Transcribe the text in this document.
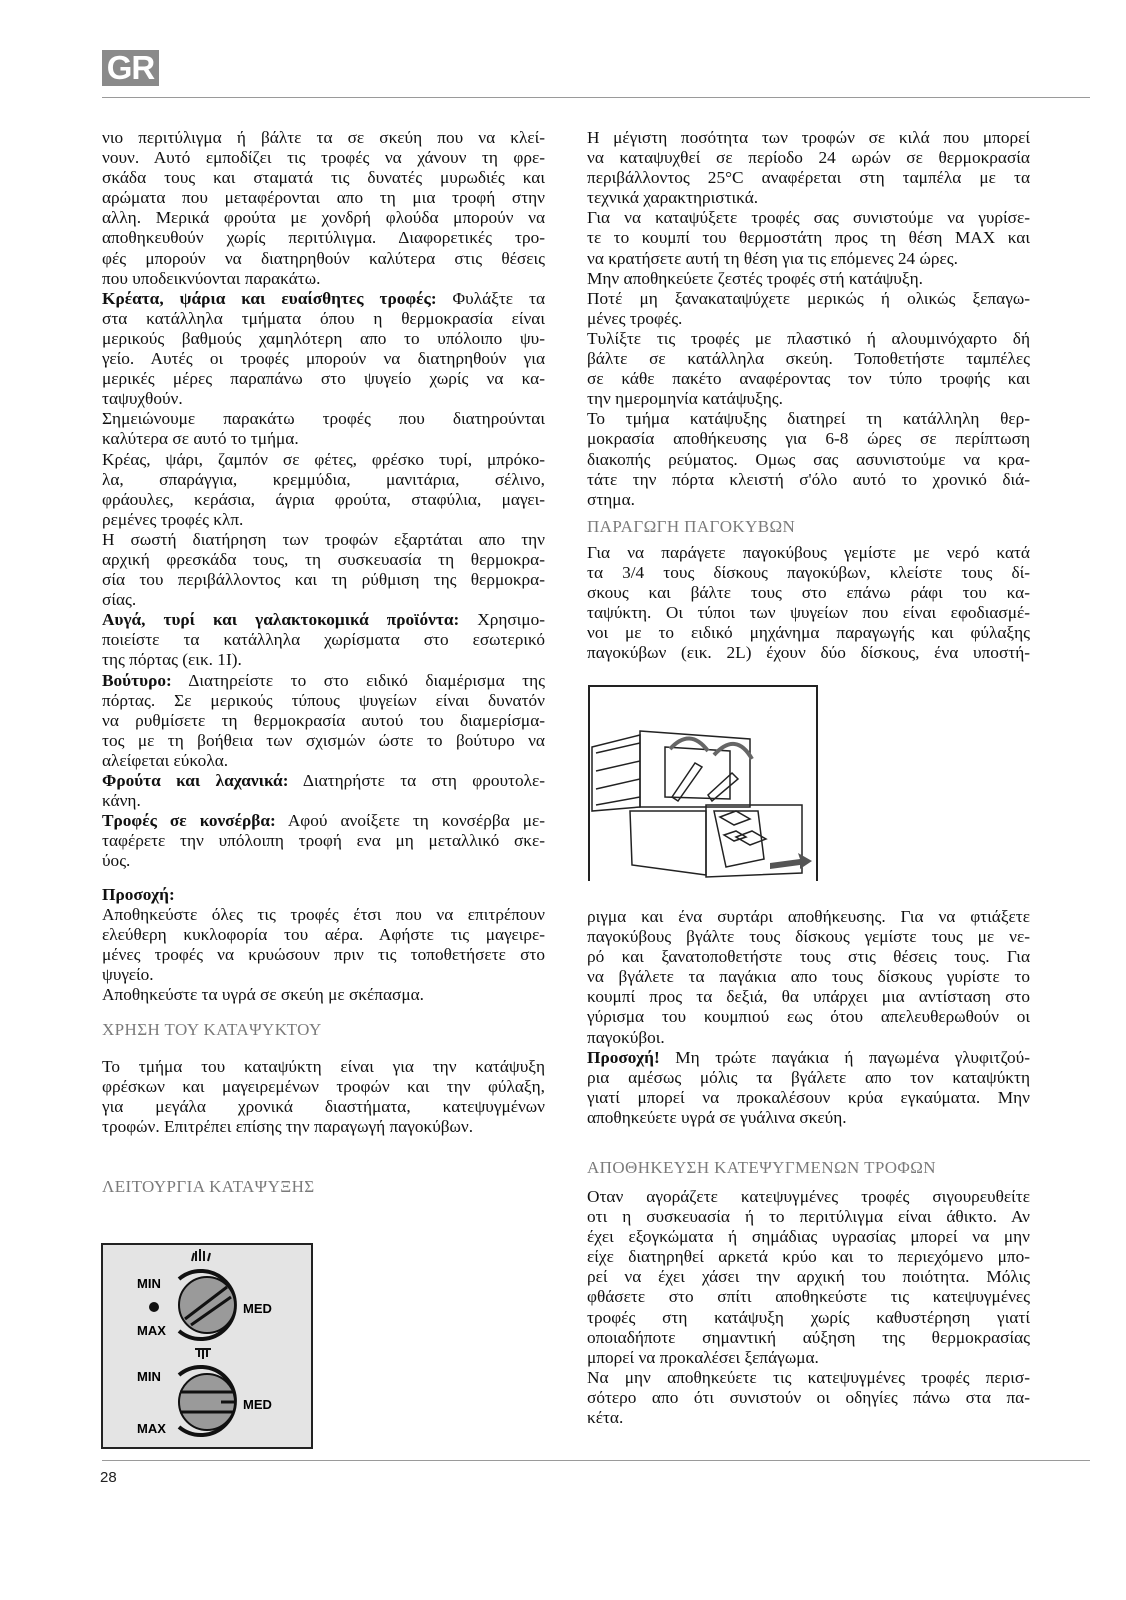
GR
νιο περιτύλιγμα ή βάλτε τα σε σκεύη που να κλεί-
νουν. Αυτό εμποδίζει τις τροφές να χάνουν τη φρε-
σκάδα τους και σταματά τις δυνατές μυρωδιές και
αρώματα που μεταφέρονται απο τη μια τροφή στην
αλλη. Μερικά φρούτα με χονδρή φλούδα μπορούν να
αποθηκευθούν χωρίς περιτύλιγμα. Διαφορετικές τρο-
φές μπορούν να διατηρηθούν καλύτερα στις θέσεις
που υποδεικνύονται παρακάτω.
Κρέατα, ψάρια και ευαίσθητες τροφές: Φυλάξτε τα
στα κατάλληλα τμήματα όπου η θερμοκρασία είναι
μερικούς βαθμούς χαμηλότερη απο το υπόλοιπο ψυ-
γείο. Αυτές οι τροφές μπορούν να διατηρηθούν για
μερικές μέρες παραπάνω στο ψυγείο χωρίς να κα-
ταψυχθούν.
Σημειώνουμε παρακάτω τροφές που διατηρούνται
καλύτερα σε αυτό το τμήμα.
Κρέας, ψάρι, ζαμπόν σε φέτες, φρέσκο τυρί, μπρόκο-
λα, σπαράγγια, κρεμμύδια, μανιτάρια, σέλινο,
φράουλες, κεράσια, άγρια φρούτα, σταφύλια, μαγει-
ρεμένες τροφές κλπ.
Η σωστή διατήρηση των τροφών εξαρτάται απο την
αρχική φρεσκάδα τους, τη συσκευασία τη θερμοκρα-
σία του περιβάλλοντος και τη ρύθμιση της θερμοκρα-
σίας.
Αυγά, τυρί και γαλακτοκομικά προϊόντα: Χρησιμο-
ποιείστε τα κατάλληλα χωρίσματα στο εσωτερικό
της πόρτας (εικ. 1I).
Βούτυρο: Διατηρείστε το στο ειδικό διαμέρισμα της
πόρτας. Σε μερικούς τύπους ψυγείων είναι δυνατόν
να ρυθμίσετε τη θερμοκρασία αυτού του διαμερίσμα-
τος με τη βοήθεια των σχισμών ώστε το βούτυρο να
αλείφεται εύκολα.
Φρούτα και λαχανικά: Διατηρήστε τα στη φρουτολε-
κάνη.
Τροφές σε κονσέρβα: Αφού ανοίξετε τη κονσέρβα με-
ταφέρετε την υπόλοιπη τροφή ενα μη μεταλλικό σκε-
ύος.
Προσοχή:
Αποθηκεύστε όλες τις τροφές έτσι που να επιτρέπουν
ελεύθερη κυκλοφορία του αέρα. Αφήστε τις μαγειρε-
μένες τροφές να κρυώσουν πριν τις τοποθετήσετε στο
ψυγείο.
Αποθηκεύστε τα υγρά σε σκεύη με σκέπασμα.
ΧΡΗΣΗ ΤΟΥ ΚΑΤΑΨΥΚΤΟΥ
Το τμήμα του καταψύκτη είναι για την κατάψυξη
φρέσκων και μαγειρεμένων τροφών και την φύλαξη,
για μεγάλα χρονικά διαστήματα, κατεψυγμένων
τροφών. Επιτρέπει επίσης την παραγωγή παγοκύβων.
ΛΕΙΤΟΥΡΓΙΑ ΚΑΤΑΨΥΞΗΣ
MIN
MAX
MED
MIN
MAX
MED
Η μέγιστη ποσότητα των τροφών σε κιλά που μπορεί
να καταψυχθεί σε περίοδο 24 ωρών σε θερμοκρασία
περιβάλλοντος 25°C αναφέρεται στη ταμπέλα με τα
τεχνικά χαρακτηριστικά.
Για να καταψύξετε τροφές σας συνιστούμε να γυρίσε-
τε το κουμπί του θερμοστάτη προς τη θέση MAX και
να κρατήσετε αυτή τη θέση για τις επόμενες 24 ώρες.
Μην αποθηκεύετε ζεστές τροφές στή κατάψυξη.
Ποτέ μη ξανακαταψύχετε μερικώς ή ολικώς ξεπαγω-
μένες τροφές.
Τυλίξτε τις τροφές με πλαστικό ή αλουμινόχαρτο δή
βάλτε σε κατάλληλα σκεύη. Τοποθετήστε ταμπέλες
σε κάθε πακέτο αναφέροντας τον τύπο τροφής και
την ημερομηνία κατάψυξης.
Το τμήμα κατάψυξης διατηρεί τη κατάλληλη θερ-
μοκρασία αποθήκευσης για 6-8 ώρες σε περίπτωση
διακοπής ρεύματος. Ομως σας ασυνιστούμε να κρα-
τάτε την πόρτα κλειστή σ'όλο αυτό το χρονικό διά-
στημα.
ΠΑΡΑΓΩΓΗ ΠΑΓΟΚΥΒΩΝ
Για να παράγετε παγοκύβους γεμίστε με νερό κατά
τα 3/4 τους δίσκους παγοκύβων, κλείστε τους δί-
σκους και βάλτε τους στο επάνω ράφι του κα-
ταψύκτη. Οι τύποι των ψυγείων που είναι εφοδιασμέ-
νοι με το ειδικό μηχάνημα παραγωγής και φύλαξης
παγοκύβων (εικ. 2L) έχουν δύο δίσκους, ένα υποστή-
ριγμα και ένα συρτάρι αποθήκευσης. Για να φτιάξετε
παγοκύβους βγάλτε τους δίσκους γεμίστε τους με νε-
ρό και ξανατοποθετήστε τους στις θέσεις τους. Για
να βγάλετε τα παγάκια απο τους δίσκους γυρίστε το
κουμπί προς τα δεξιά, θα υπάρχει μια αντίσταση στο
γύρισμα του κουμπιού εως ότου απελευθερωθούν οι
παγοκύβοι.
Προσοχή! Μη τρώτε παγάκια ή παγωμένα γλυφιτζού-
ρια αμέσως μόλις τα βγάλετε απο τον καταψύκτη
γιατί μπορεί να προκαλέσουν κρύα εγκαύματα. Μην
αποθηκεύετε υγρά σε γυάλινα σκεύη.
ΑΠΟΘΗΚΕΥΣΗ ΚΑΤΕΨΥΓΜΕΝΩΝ ΤΡΟΦΩΝ
Οταν αγοράζετε κατεψυγμένες τροφές σιγουρευθείτε
οτι η συσκευασία ή το περιτύλιγμα είναι άθικτο. Αν
έχει εξογκώματα ή σημάδιας υγρασίας μπορεί να μην
είχε διατηρηθεί αρκετά κρύο και το περιεχόμενο μπο-
ρεί να έχει χάσει την αρχική του ποιότητα. Μόλις
φθάσετε στο σπίτι αποθηκεύστε τις κατεψυγμένες
τροφές στη κατάψυξη χωρίς καθυστέρηση γιατί
οποιαδήποτε σημαντική αύξηση της θερμοκρασίας
μπορεί να προκαλέσει ξεπάγωμα.
Να μην αποθηκεύετε τις κατεψυγμένες τροφές περισ-
σότερο απο ότι συνιστούν οι οδηγίες πάνω στα πα-
κέτα.
28
